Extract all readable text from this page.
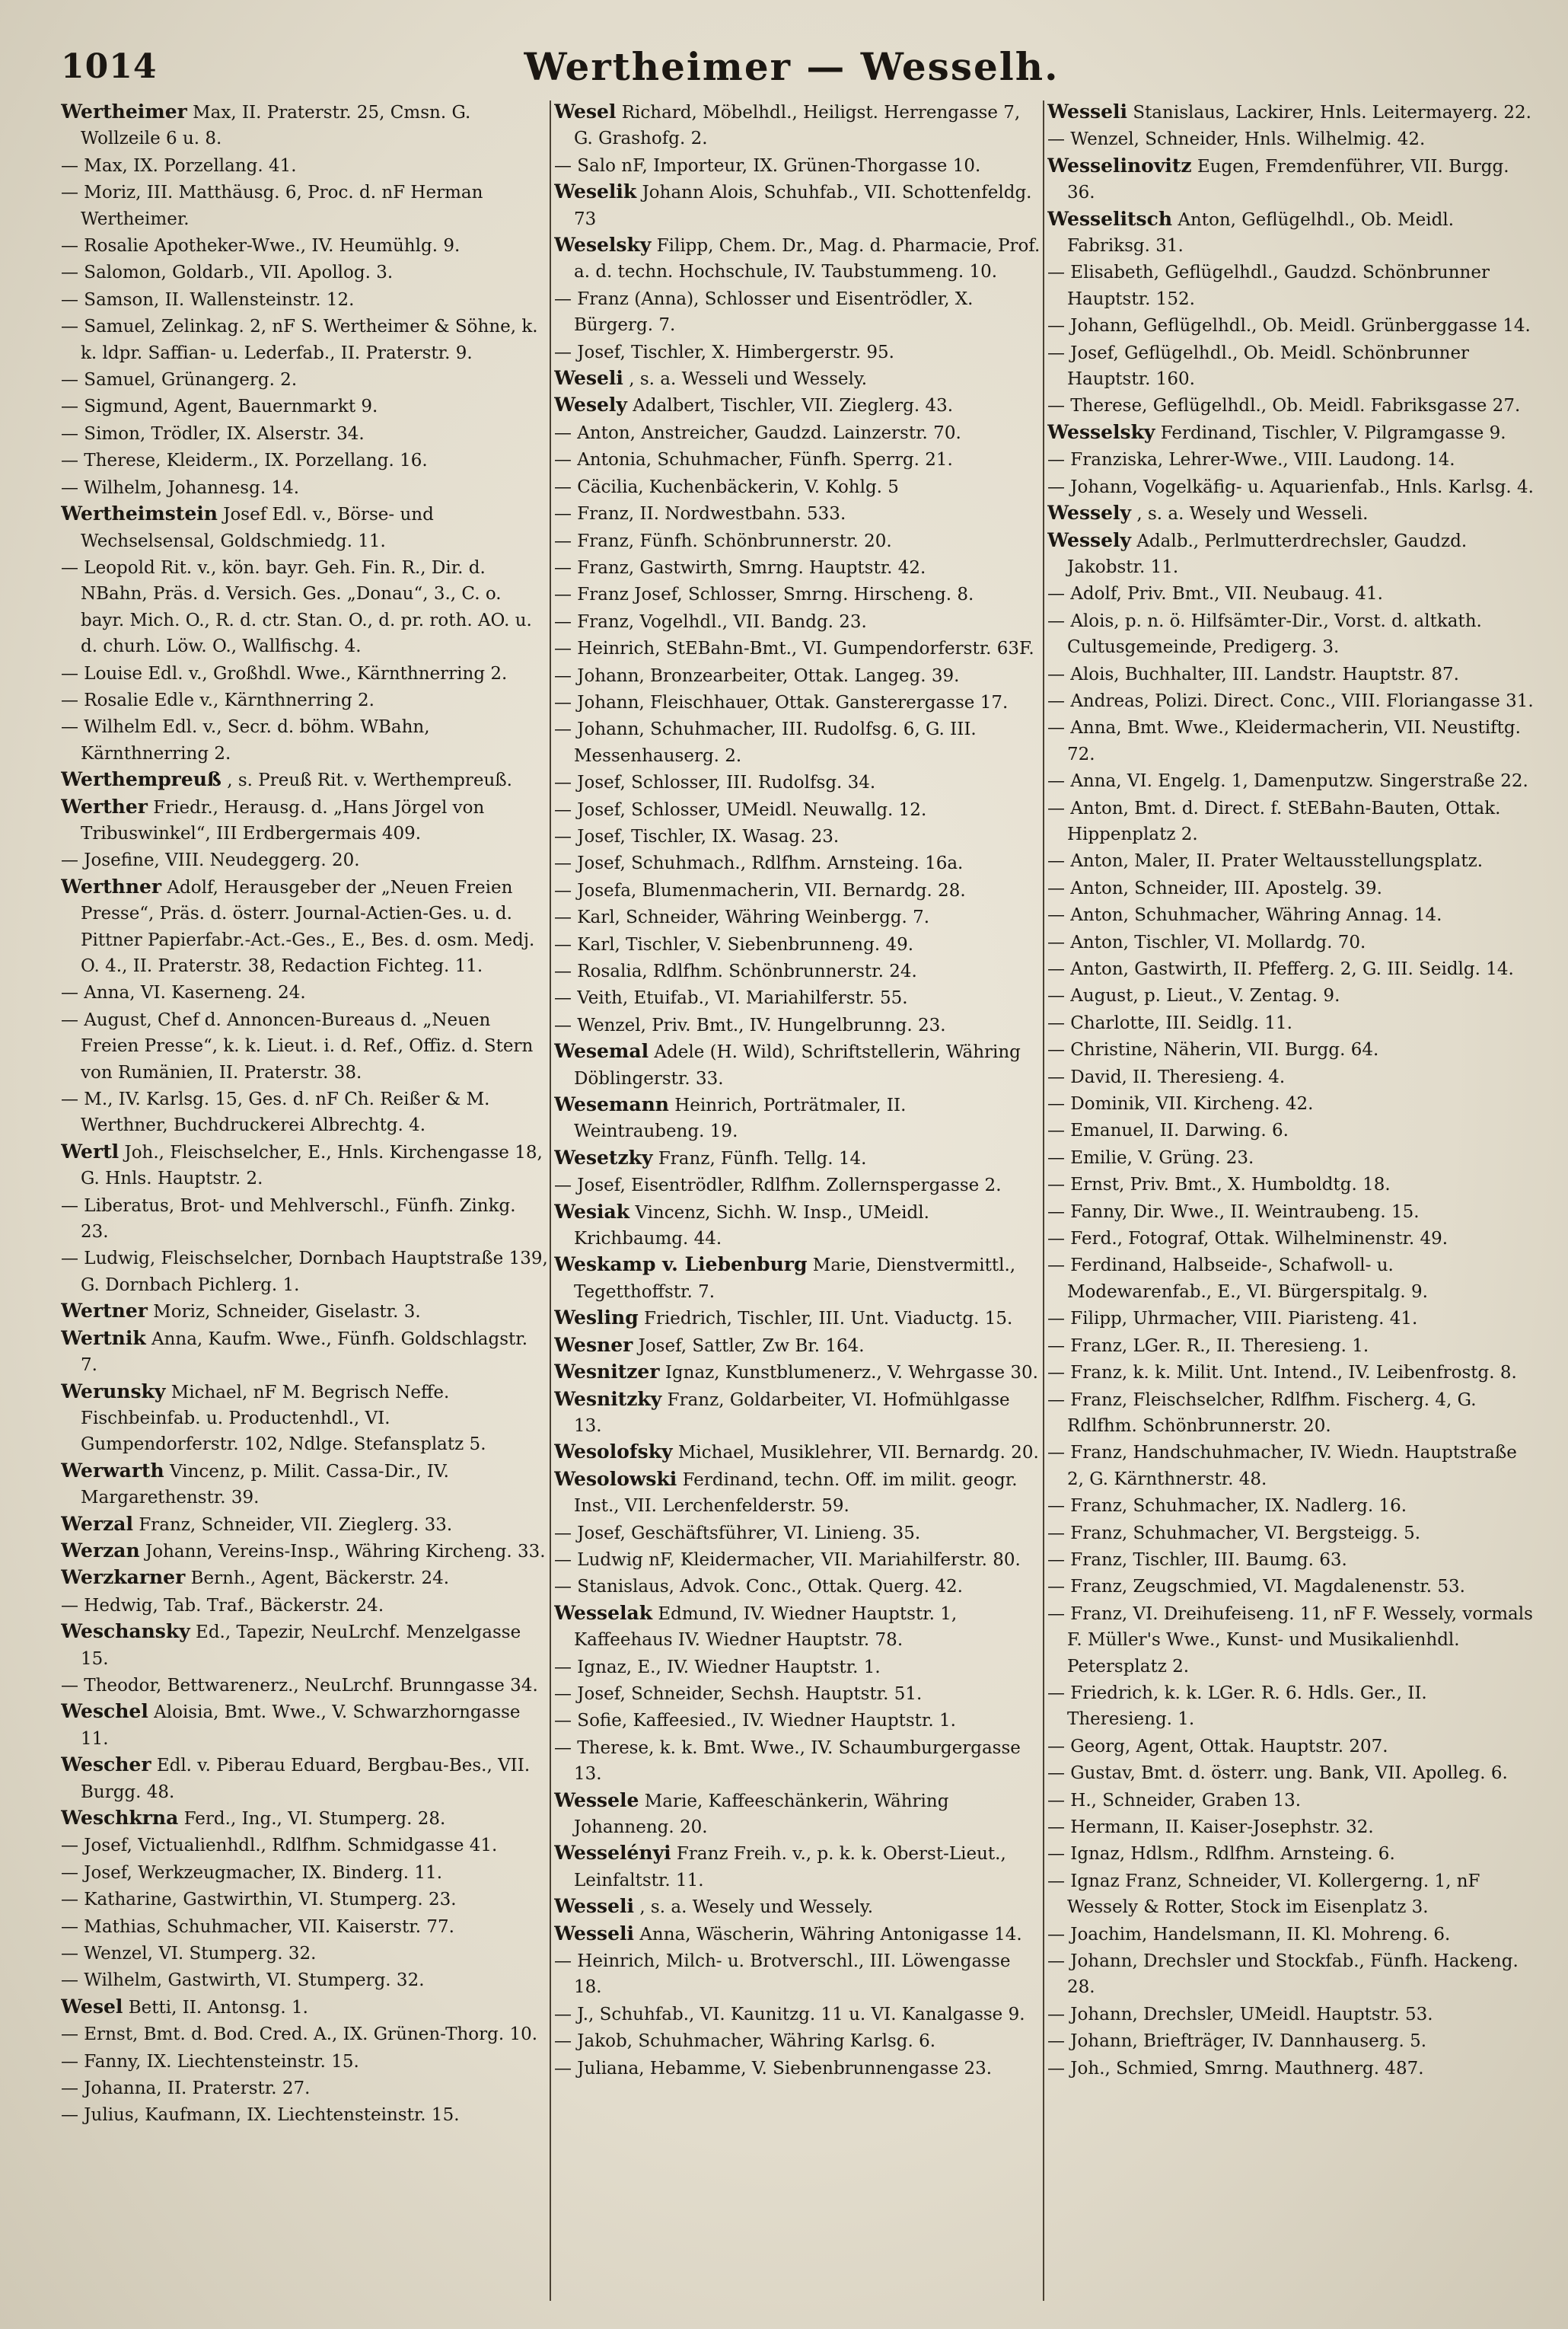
1014	Wertheimer — Wesselh.

Wertheimer Max, II. Praterstr. 25, Cmsn. G. Wollzeile 6 u. 8.

— Max, IX. Porzellang. 41.

— Moriz, III. Matthäusg. 6, Proc. d. nF Herman Wertheimer.

— Rosalie Apotheker-Wwe., IV. Heumühlg. 9.

— Salomon, Goldarb., VII. Apollog. 3.

— Samson, II. Wallensteinstr. 12.

— Samuel, Zelinkag. 2, nF S. Wertheimer & Söhne, k. k. ldpr. Saffian- u. Lederfab., II. Praterstr. 9.

— Samuel, Grünangerg. 2.

— Sigmund, Agent, Bauernmarkt 9.

— Simon, Trödler, IX. Alserstr. 34.

— Therese, Kleiderm., IX. Porzellang. 16.

— Wilhelm, Johannesg. 14.

Wertheimstein Josef Edl. v., Börse- und Wechselsensal, Goldschmiedg. 11.

— Leopold Rit. v., kön. bayr. Geh. Fin. R., Dir. d. NBahn, Präs. d. Versich. Ges. „Donau“, 3., C. o. bayr. Mich. O., R. d. ctr. Stan. O., d. pr. roth. AO. u. d. churh. Löw. O., Wallfischg. 4.

— Louise Edl. v., Großhdl. Wwe., Kärnthnerring 2.

— Rosalie Edle v., Kärnthnerring 2.

— Wilhelm Edl. v., Secr. d. böhm. WBahn, Kärnthnerring 2.

Werthempreuß , s. Preuß Rit. v. Werthempreuß.

Werther Friedr., Herausg. d. „Hans Jörgel von Tribuswinkel“, III Erdbergermais 409.

— Josefine, VIII. Neudeggerg. 20.

Werthner Adolf, Herausgeber der „Neuen Freien Presse“, Präs. d. österr. Journal-Actien-Ges. u. d. Pittner Papierfabr.-Act.-Ges., E., Bes. d. osm. Medj. O. 4., II. Praterstr. 38, Redaction Fichteg. 11.

— Anna, VI. Kaserneng. 24.

— August, Chef d. Annoncen-Bureaus d. „Neuen Freien Presse“, k. k. Lieut. i. d. Ref., Offiz. d. Stern von Rumänien, II. Praterstr. 38.

— M., IV. Karlsg. 15, Ges. d. nF Ch. Reißer & M. Werthner, Buchdruckerei Albrechtg. 4.

Wertl Joh., Fleischselcher, E., Hnls. Kirchengasse 18, G. Hnls. Hauptstr. 2.

— Liberatus, Brot- und Mehlverschl., Fünfh. Zinkg. 23.

— Ludwig, Fleischselcher, Dornbach Hauptstraße 139, G. Dornbach Pichlerg. 1.

Wertner Moriz, Schneider, Giselastr. 3.

Wertnik Anna, Kaufm. Wwe., Fünfh. Goldschlagstr. 7.

Werunsky Michael, nF M. Begrisch Neffe. Fischbeinfab. u. Productenhdl., VI. Gumpendorferstr. 102, Ndlge. Stefansplatz 5.

Werwarth Vincenz, p. Milit. Cassa-Dir., IV. Margarethenstr. 39.

Werzal Franz, Schneider, VII. Zieglerg. 33.

Werzan Johann, Vereins-Insp., Währing Kircheng. 33.

Werzkarner Bernh., Agent, Bäckerstr. 24.

— Hedwig, Tab. Traf., Bäckerstr. 24.

Weschansky Ed., Tapezir, NeuLrchf. Menzelgasse 15.

— Theodor, Bettwarenerz., NeuLrchf. Brunngasse 34.

Weschel Aloisia, Bmt. Wwe., V. Schwarzhorngasse 11.

Wescher Edl. v. Piberau Eduard, Bergbau-Bes., VII. Burgg. 48.

Weschkrna Ferd., Ing., VI. Stumperg. 28.

— Josef, Victualienhdl., Rdlfhm. Schmidgasse 41.

— Josef, Werkzeugmacher, IX. Binderg. 11.

— Katharine, Gastwirthin, VI. Stumperg. 23.

— Mathias, Schuhmacher, VII. Kaiserstr. 77.

— Wenzel, VI. Stumperg. 32.

— Wilhelm, Gastwirth, VI. Stumperg. 32.

Wesel Betti, II. Antonsg. 1.

— Ernst, Bmt. d. Bod. Cred. A., IX. Grünen-Thorg. 10.

— Fanny, IX. Liechtensteinstr. 15.

— Johanna, II. Praterstr. 27.

— Julius, Kaufmann, IX. Liechtensteinstr. 15.

Wesel Richard, Möbelhdl., Heiligst. Herrengasse 7, G. Grashofg. 2.

— Salo nF, Importeur, IX. Grünen-Thorgasse 10.

Weselik Johann Alois, Schuhfab., VII. Schottenfeldg. 73

Weselsky Filipp, Chem. Dr., Mag. d. Pharmacie, Prof. a. d. techn. Hochschule, IV. Taubstummeng. 10.

— Franz (Anna), Schlosser und Eisentrödler, X. Bürgerg. 7.

— Josef, Tischler, X. Himbergerstr. 95.

Weseli , s. a. Wesseli und Wessely.

Wesely Adalbert, Tischler, VII. Zieglerg. 43.

— Anton, Anstreicher, Gaudzd. Lainzerstr. 70.

— Antonia, Schuhmacher, Fünfh. Sperrg. 21.

— Cäcilia, Kuchenbäckerin, V. Kohlg. 5

— Franz, II. Nordwestbahn. 533.

— Franz, Fünfh. Schönbrunnerstr. 20.

— Franz, Gastwirth, Smrng. Hauptstr. 42.

— Franz Josef, Schlosser, Smrng. Hirscheng. 8.

— Franz, Vogelhdl., VII. Bandg. 23.

— Heinrich, StEBahn-Bmt., VI. Gumpendorferstr. 63F.

— Johann, Bronzearbeiter, Ottak. Langeg. 39.

— Johann, Fleischhauer, Ottak. Gansterergasse 17.

— Johann, Schuhmacher, III. Rudolfsg. 6, G. III. Messenhauserg. 2.

— Josef, Schlosser, III. Rudolfsg. 34.

— Josef, Schlosser, UMeidl. Neuwallg. 12.

— Josef, Tischler, IX. Wasag. 23.

— Josef, Schuhmach., Rdlfhm. Arnsteing. 16a.

— Josefa, Blumenmacherin, VII. Bernardg. 28.

— Karl, Schneider, Währing Weinbergg. 7.

— Karl, Tischler, V. Siebenbrunneng. 49.

— Rosalia, Rdlfhm. Schönbrunnerstr. 24.

— Veith, Etuifab., VI. Mariahilferstr. 55.

— Wenzel, Priv. Bmt., IV. Hungelbrunng. 23.

Wesemal Adele (H. Wild), Schriftstellerin, Währing Döblingerstr. 33.

Wesemann Heinrich, Porträtmaler, II. Weintraubeng. 19.

Wesetzky Franz, Fünfh. Tellg. 14.

— Josef, Eisentrödler, Rdlfhm. Zollernspergasse 2.

Wesiak Vincenz, Sichh. W. Insp., UMeidl. Krichbaumg. 44.

Weskamp v. Liebenburg Marie, Dienstvermittl., Tegetthoffstr. 7.

Wesling Friedrich, Tischler, III. Unt. Viaductg. 15.

Wesner Josef, Sattler, Zw Br. 164.

Wesnitzer Ignaz, Kunstblumenerz., V. Wehrgasse 30.

Wesnitzky Franz, Goldarbeiter, VI. Hofmühlgasse 13.

Wesolofsky Michael, Musiklehrer, VII. Bernardg. 20.

Wesolowski Ferdinand, techn. Off. im milit. geogr. Inst., VII. Lerchenfelderstr. 59.

— Josef, Geschäftsführer, VI. Linieng. 35.

— Ludwig nF, Kleidermacher, VII. Mariahilferstr. 80.

— Stanislaus, Advok. Conc., Ottak. Querg. 42.

Wesselak Edmund, IV. Wiedner Hauptstr. 1, Kaffeehaus IV. Wiedner Hauptstr. 78.

— Ignaz, E., IV. Wiedner Hauptstr. 1.

— Josef, Schneider, Sechsh. Hauptstr. 51.

— Sofie, Kaffeesied., IV. Wiedner Hauptstr. 1.

— Therese, k. k. Bmt. Wwe., IV. Schaumburgergasse 13.

Wessele Marie, Kaffeeschänkerin, Währing Johanneng. 20.

Wesselényi Franz Freih. v., p. k. k. Oberst-Lieut., Leinfaltstr. 11.

Wesseli , s. a. Wesely und Wessely.

Wesseli Anna, Wäscherin, Währing Antonigasse 14.

— Heinrich, Milch- u. Brotverschl., III. Löwengasse 18.

— J., Schuhfab., VI. Kaunitzg. 11 u. VI. Kanalgasse 9.

— Jakob, Schuhmacher, Währing Karlsg. 6.

— Juliana, Hebamme, V. Siebenbrunnengasse 23.

Wesseli Stanislaus, Lackirer, Hnls. Leitermayerg. 22.

— Wenzel, Schneider, Hnls. Wilhelmig. 42.

Wesselinovitz Eugen, Fremdenführer, VII. Burgg. 36.

Wesselitsch Anton, Geflügelhdl., Ob. Meidl. Fabriksg. 31.

— Elisabeth, Geflügelhdl., Gaudzd. Schönbrunner Hauptstr. 152.

— Johann, Geflügelhdl., Ob. Meidl. Grünberggasse 14.

— Josef, Geflügelhdl., Ob. Meidl. Schönbrunner Hauptstr. 160.

— Therese, Geflügelhdl., Ob. Meidl. Fabriksgasse 27.

Wesselsky Ferdinand, Tischler, V. Pilgramgasse 9.

— Franziska, Lehrer-Wwe., VIII. Laudong. 14.

— Johann, Vogelkäfig- u. Aquarienfab., Hnls. Karlsg. 4.

Wessely , s. a. Wesely und Wesseli.

Wessely Adalb., Perlmutterdrechsler, Gaudzd. Jakobstr. 11.

— Adolf, Priv. Bmt., VII. Neubaug. 41.

— Alois, p. n. ö. Hilfsämter-Dir., Vorst. d. altkath. Cultusgemeinde, Predigerg. 3.

— Alois, Buchhalter, III. Landstr. Hauptstr. 87.

— Andreas, Polizi. Direct. Conc., VIII. Floriangasse 31.

— Anna, Bmt. Wwe., Kleidermacherin, VII. Neustiftg. 72.

— Anna, VI. Engelg. 1, Damenputzw. Singerstraße 22.

— Anton, Bmt. d. Direct. f. StEBahn-Bauten, Ottak. Hippenplatz 2.

— Anton, Maler, II. Prater Weltausstellungsplatz.

— Anton, Schneider, III. Apostelg. 39.

— Anton, Schuhmacher, Währing Annag. 14.

— Anton, Tischler, VI. Mollardg. 70.

— Anton, Gastwirth, II. Pfefferg. 2, G. III. Seidlg. 14.

— August, p. Lieut., V. Zentag. 9.

— Charlotte, III. Seidlg. 11.

— Christine, Näherin, VII. Burgg. 64.

— David, II. Theresieng. 4.

— Dominik, VII. Kircheng. 42.

— Emanuel, II. Darwing. 6.

— Emilie, V. Grüng. 23.

— Ernst, Priv. Bmt., X. Humboldtg. 18.

— Fanny, Dir. Wwe., II. Weintraubeng. 15.

— Ferd., Fotograf, Ottak. Wilhelminenstr. 49.

— Ferdinand, Halbseide-, Schafwoll- u. Modewarenfab., E., VI. Bürgerspitalg. 9.

— Filipp, Uhrmacher, VIII. Piaristeng. 41.

— Franz, LGer. R., II. Theresieng. 1.

— Franz, k. k. Milit. Unt. Intend., IV. Leibenfrostg. 8.

— Franz, Fleischselcher, Rdlfhm. Fischerg. 4, G. Rdlfhm. Schönbrunnerstr. 20.

— Franz, Handschuhmacher, IV. Wiedn. Hauptstraße 2, G. Kärnthnerstr. 48.

— Franz, Schuhmacher, IX. Nadlerg. 16.

— Franz, Schuhmacher, VI. Bergsteigg. 5.

— Franz, Tischler, III. Baumg. 63.

— Franz, Zeugschmied, VI. Magdalenenstr. 53.

— Franz, VI. Dreihufeiseng. 11, nF F. Wessely, vormals F. Müller's Wwe., Kunst- und Musikalienhdl. Petersplatz 2.

— Friedrich, k. k. LGer. R. 6. Hdls. Ger., II. Theresieng. 1.

— Georg, Agent, Ottak. Hauptstr. 207.

— Gustav, Bmt. d. österr. ung. Bank, VII. Apolleg. 6.

— H., Schneider, Graben 13.

— Hermann, II. Kaiser-Josephstr. 32.

— Ignaz, Hdlsm., Rdlfhm. Arnsteing. 6.

— Ignaz Franz, Schneider, VI. Kollergerng. 1, nF Wessely & Rotter, Stock im Eisenplatz 3.

— Joachim, Handelsmann, II. Kl. Mohreng. 6.

— Johann, Drechsler und Stockfab., Fünfh. Hackeng. 28.

— Johann, Drechsler, UMeidl. Hauptstr. 53.

— Johann, Briefträger, IV. Dannhauserg. 5.

— Joh., Schmied, Smrng. Mauthnerg. 487.
